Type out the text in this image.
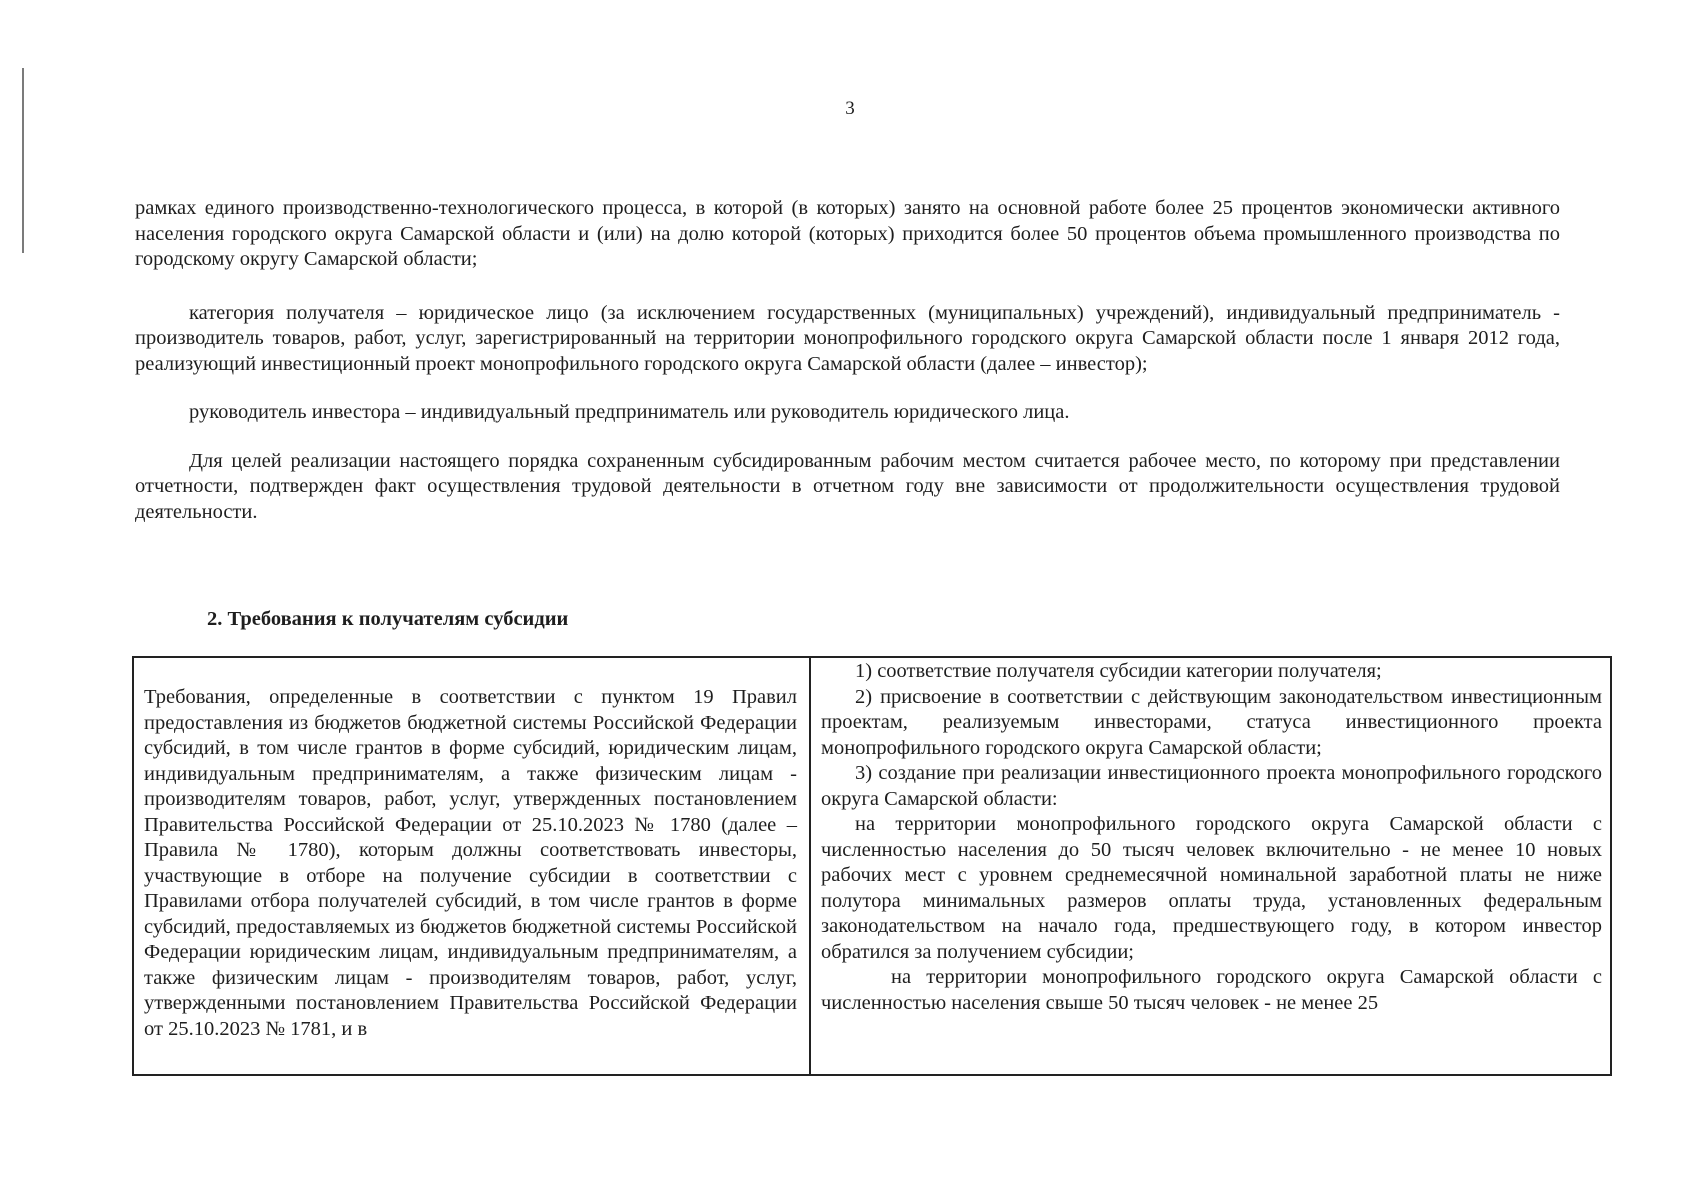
3

рамках единого производственно-технологического процесса, в которой (в которых) занято на основной работе более 25 процентов экономически активного населения городского округа Самарской области и (или) на долю которой (которых) приходится более 50 процентов объема промышленного производства по городскому округу Самарской области;

категория получателя – юридическое лицо (за исключением государственных (муниципальных) учреждений), индивидуальный предприниматель - производитель товаров, работ, услуг, зарегистрированный на территории монопрофильного городского округа Самарской области после 1 января 2012 года, реализующий инвестиционный проект монопрофильного городского округа Самарской области (далее – инвестор);

руководитель инвестора – индивидуальный предприниматель или руководитель юридического лица.

Для целей реализации настоящего порядка сохраненным субсидированным рабочим местом считается рабочее место, по которому при представлении отчетности, подтвержден факт осуществления трудовой деятельности в отчетном году вне зависимости от продолжительности осуществления трудовой деятельности.

2. Требования к получателям субсидии
Требования, определенные в соответствии с пунктом 19 Правил предоставления из бюджетов бюджетной системы Российской Федерации субсидий, в том числе грантов в форме субсидий, юридическим лицам, индивидуальным предпринимателям, а также физическим лицам - производителям товаров, работ, услуг, утвержденных постановлением Правительства Российской Федерации от 25.10.2023 № 1780 (далее – Правила № 1780), которым должны соответствовать инвесторы, участвующие в отборе на получение субсидии в соответствии с Правилами отбора получателей субсидий, в том числе грантов в форме субсидий, предоставляемых из бюджетов бюджетной системы Российской Федерации юридическим лицам, индивидуальным предпринимателям, а также физическим лицам - производителям товаров, работ, услуг, утвержденными постановлением Правительства Российской Федерации от 25.10.2023 № 1781, и в

1) соответствие получателя субсидии категории получателя;

2) присвоение в соответствии с действующим законодательством инвестиционным проектам, реализуемым инвесторами, статуса инвестиционного проекта монопрофильного городского округа Самарской области;

3) создание при реализации инвестиционного проекта монопрофильного городского округа Самарской области:

на территории монопрофильного городского округа Самарской области с численностью населения до 50 тысяч человек включительно - не менее 10 новых рабочих мест с уровнем среднемесячной номинальной заработной платы не ниже полутора минимальных размеров оплаты труда, установленных федеральным законодательством на начало года, предшествующего году, в котором инвестор обратился за получением субсидии;

на территории монопрофильного городского округа Самарской области с численностью населения свыше 50 тысяч человек - не менее 25
